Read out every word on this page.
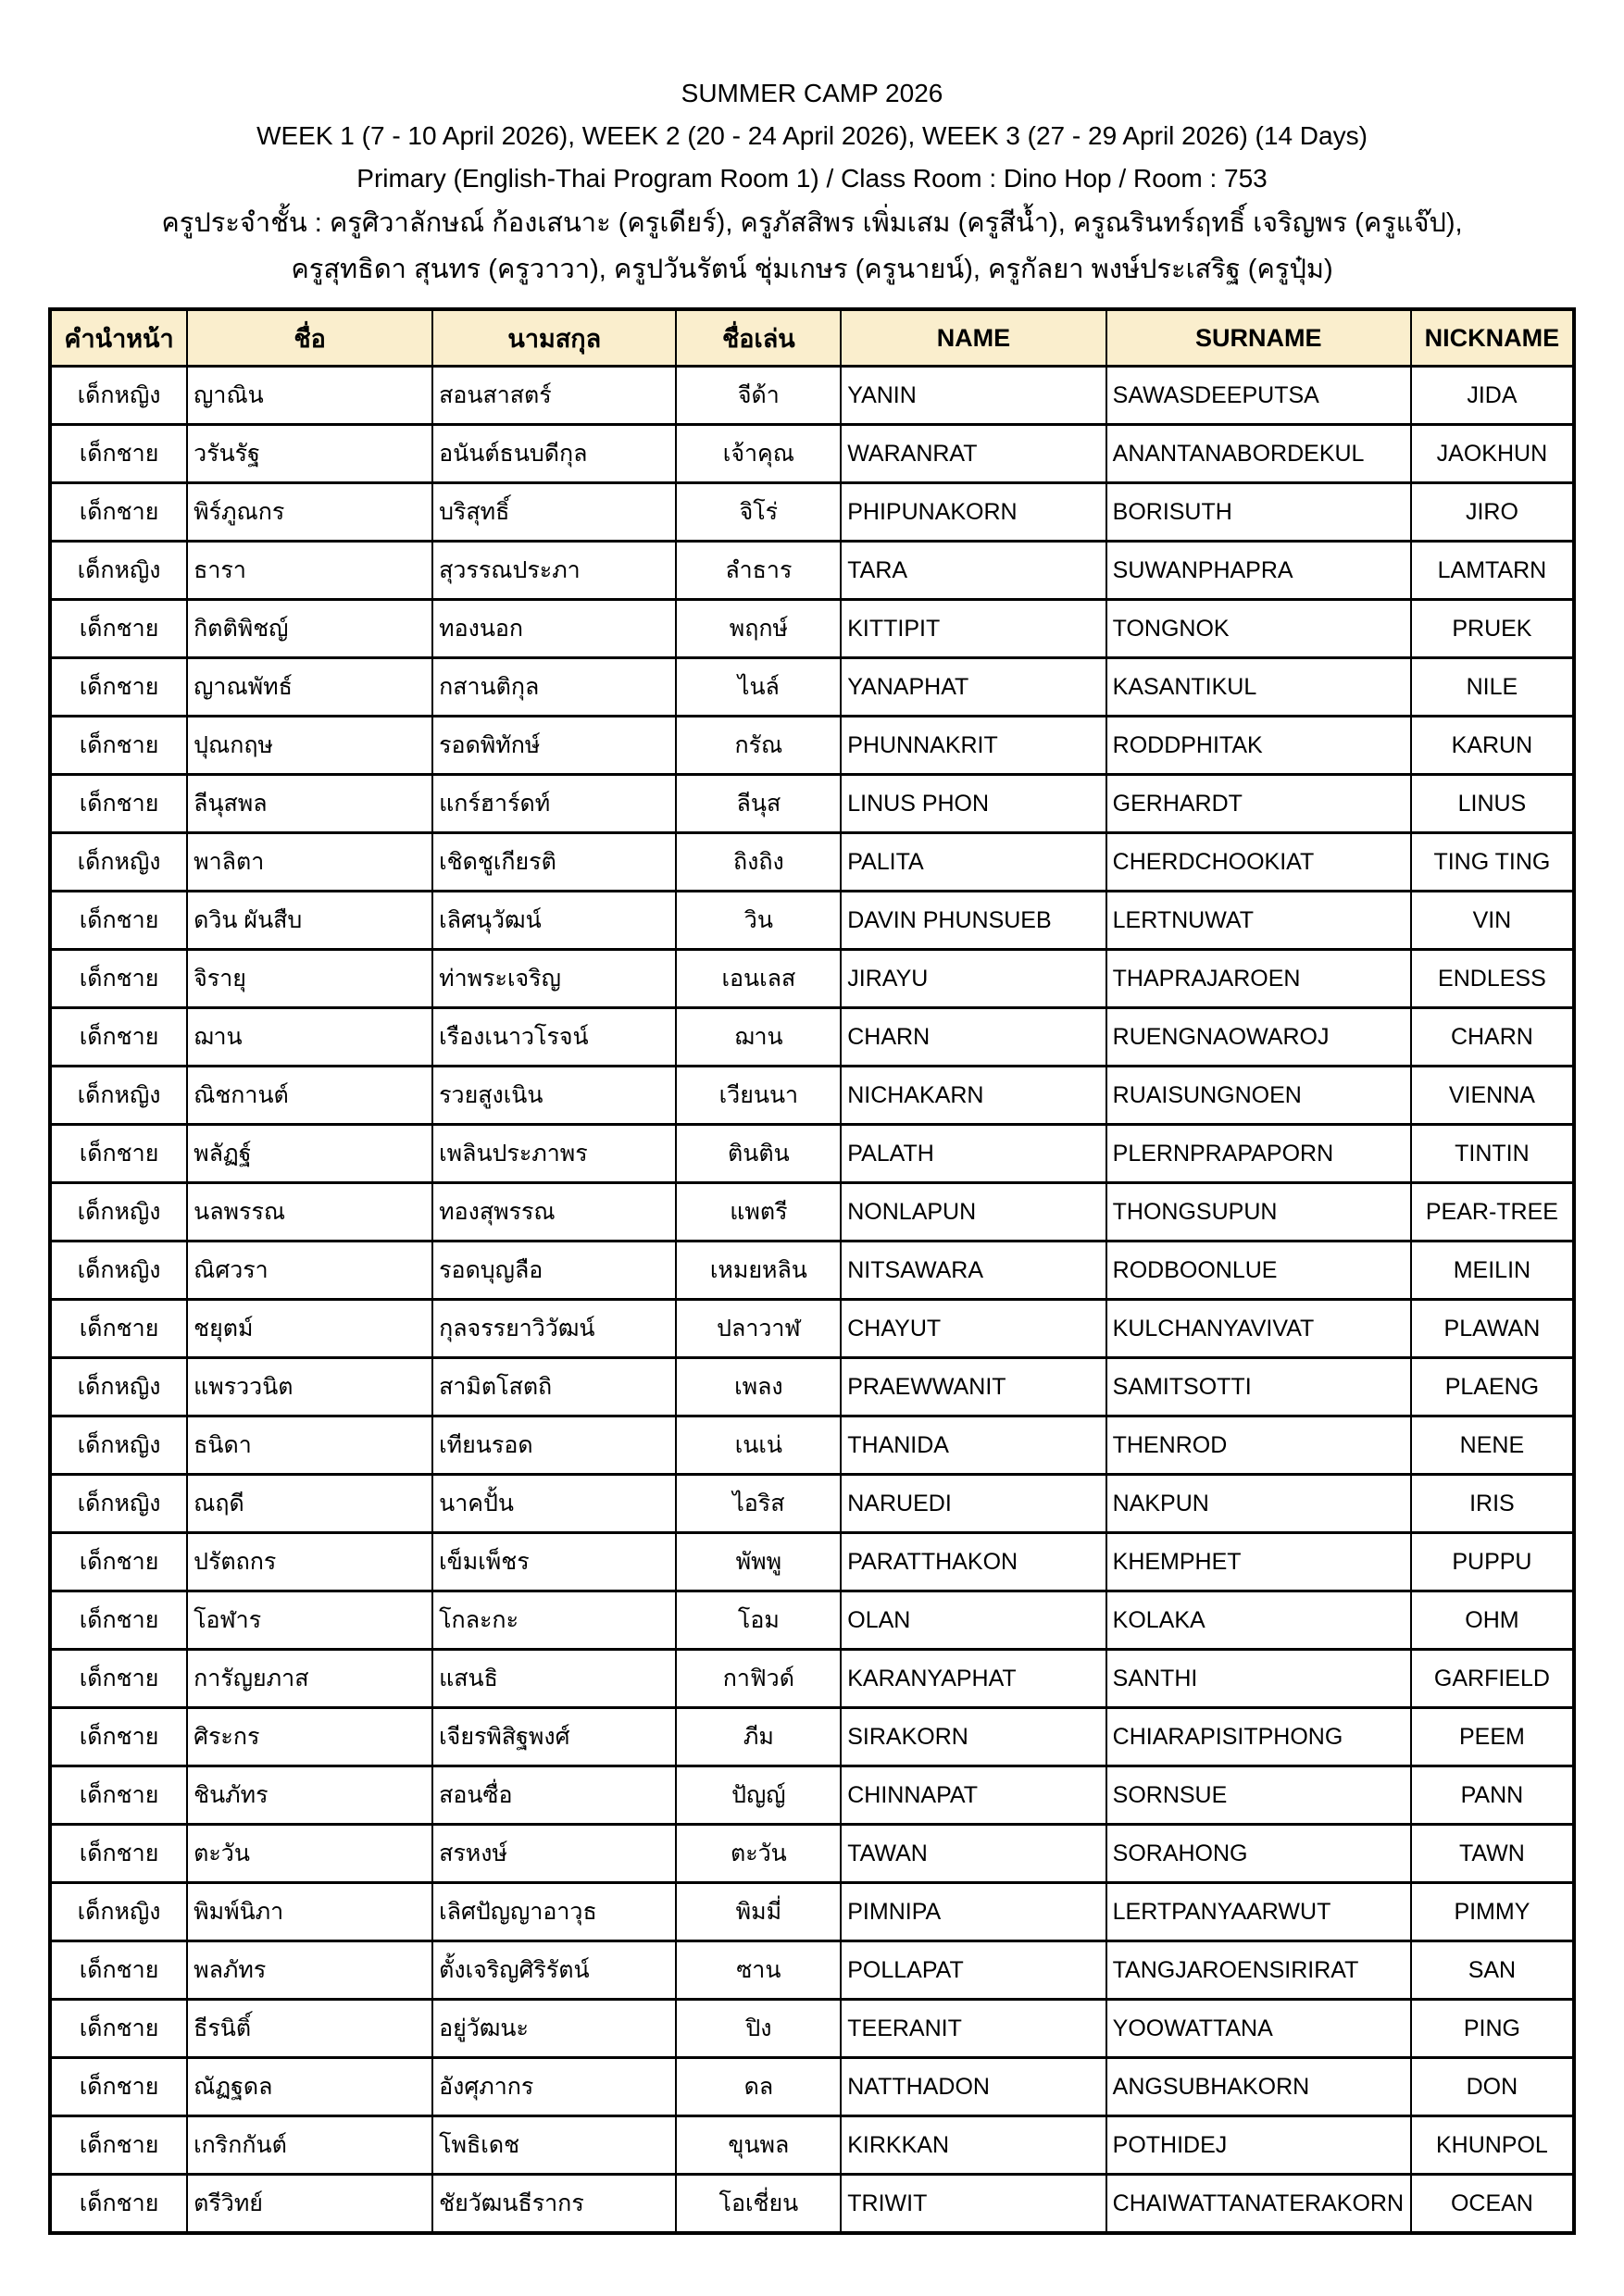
SUMMER CAMP 2026
WEEK 1 (7 - 10 April 2026), WEEK 2 (20 - 24 April 2026), WEEK 3 (27 - 29 April 2026) (14 Days)
Primary (English-Thai Program Room 1) / Class Room : Dino Hop / Room : 753
ครูประจำชั้น : ครูศิวาลักษณ์ ก้องเสนาะ (ครูเดียร์), ครูภัสสิพร เพิ่มเสม (ครูสีน้ำ), ครูณรินทร์ฤทธิ์ เจริญพร (ครูแจ๊ป),
ครูสุทธิดา สุนทร (ครูวาวา), ครูปวันรัตน์ ชุ่มเกษร (ครูนายน์), ครูกัลยา พงษ์ประเสริฐ (ครูปุ๋ม)
คำนำหน้า	ชื่อ	นามสกุล	ชื่อเล่น	NAME	SURNAME	NICKNAME
เด็กหญิง	ญาณิน	สอนสาสตร์	จีด้า	YANIN	SAWASDEEPUTSA	JIDA
เด็กชาย	วรันรัฐ	อนันต์ธนบดีกุล	เจ้าคุณ	WARANRAT	ANANTANABORDEKUL	JAOKHUN
เด็กชาย	พิร์ภูณกร	บริสุทธิ์	จิโร่	PHIPUNAKORN	BORISUTH	JIRO
เด็กหญิง	ธารา	สุวรรณประภา	ลำธาร	TARA	SUWANPHAPRA	LAMTARN
เด็กชาย	กิตติพิชญ์	ทองนอก	พฤกษ์	KITTIPIT	TONGNOK	PRUEK
เด็กชาย	ญาณพัทธ์	กสานติกุล	ไนล์	YANAPHAT	KASANTIKUL	NILE
เด็กชาย	ปุณกฤษ	รอดพิทักษ์	กรัณ	PHUNNAKRIT	RODDPHITAK	KARUN
เด็กชาย	ลีนุสพล	แกร์ฮาร์ดท์	ลีนุส	LINUS PHON	GERHARDT	LINUS
เด็กหญิง	พาลิตา	เชิดชูเกียรติ	ถิงถิง	PALITA	CHERDCHOOKIAT	TING TING
เด็กชาย	ดวิน ผันสืบ	เลิศนุวัฒน์	วิน	DAVIN PHUNSUEB	LERTNUWAT	VIN
เด็กชาย	จิรายุ	ท่าพระเจริญ	เอนเลส	JIRAYU	THAPRAJAROEN	ENDLESS
เด็กชาย	ฌาน	เรืองเนาวโรจน์	ฌาน	CHARN	RUENGNAOWAROJ	CHARN
เด็กหญิง	ณิชกานต์	รวยสูงเนิน	เวียนนา	NICHAKARN	RUAISUNGNOEN	VIENNA
เด็กชาย	พลัฏฐ์	เพลินประภาพร	ตินติน	PALATH	PLERNPRAPAPORN	TINTIN
เด็กหญิง	นลพรรณ	ทองสุพรรณ	แพตรี	NONLAPUN	THONGSUPUN	PEAR-TREE
เด็กหญิง	ณิศวรา	รอดบุญลือ	เหมยหลิน	NITSAWARA	RODBOONLUE	MEILIN
เด็กชาย	ชยุตม์	กุลจรรยาวิวัฒน์	ปลาวาฬ	CHAYUT	KULCHANYAVIVAT	PLAWAN
เด็กหญิง	แพรววนิต	สามิตโสตถิ	เพลง	PRAEWWANIT	SAMITSOTTI	PLAENG
เด็กหญิง	ธนิดา	เทียนรอด	เนเน่	THANIDA	THENROD	NENE
เด็กหญิง	ณฤดี	นาคปั้น	ไอริส	NARUEDI	NAKPUN	IRIS
เด็กชาย	ปรัตถกร	เข็มเพ็ชร	พัพพู	PARATTHAKON	KHEMPHET	PUPPU
เด็กชาย	โอฬาร	โกละกะ	โอม	OLAN	KOLAKA	OHM
เด็กชาย	การัญยภาส	แสนธิ	กาฟิวด์	KARANYAPHAT	SANTHI	GARFIELD
เด็กชาย	ศิระกร	เจียรพิสิฐพงศ์	ภีม	SIRAKORN	CHIARAPISITPHONG	PEEM
เด็กชาย	ชินภัทร	สอนซื่อ	ปัญญ์	CHINNAPAT	SORNSUE	PANN
เด็กชาย	ตะวัน	สรหงษ์	ตะวัน	TAWAN	SORAHONG	TAWN
เด็กหญิง	พิมพ์นิภา	เลิศปัญญาอาวุธ	พิมมี่	PIMNIPA	LERTPANYAARWUT	PIMMY
เด็กชาย	พลภัทร	ตั้งเจริญศิริรัตน์	ซาน	POLLAPAT	TANGJAROENSIRIRAT	SAN
เด็กชาย	ธีรนิติ์	อยู่วัฒนะ	ปิง	TEERANIT	YOOWATTANA	PING
เด็กชาย	ณัฏฐดล	อังศุภากร	ดล	NATTHADON	ANGSUBHAKORN	DON
เด็กชาย	เกริกกันต์	โพธิเดช	ขุนพล	KIRKKAN	POTHIDEJ	KHUNPOL
เด็กชาย	ตรีวิทย์	ชัยวัฒนธีรากร	โอเชี่ยน	TRIWIT	CHAIWATTANATERAKORN	OCEAN
